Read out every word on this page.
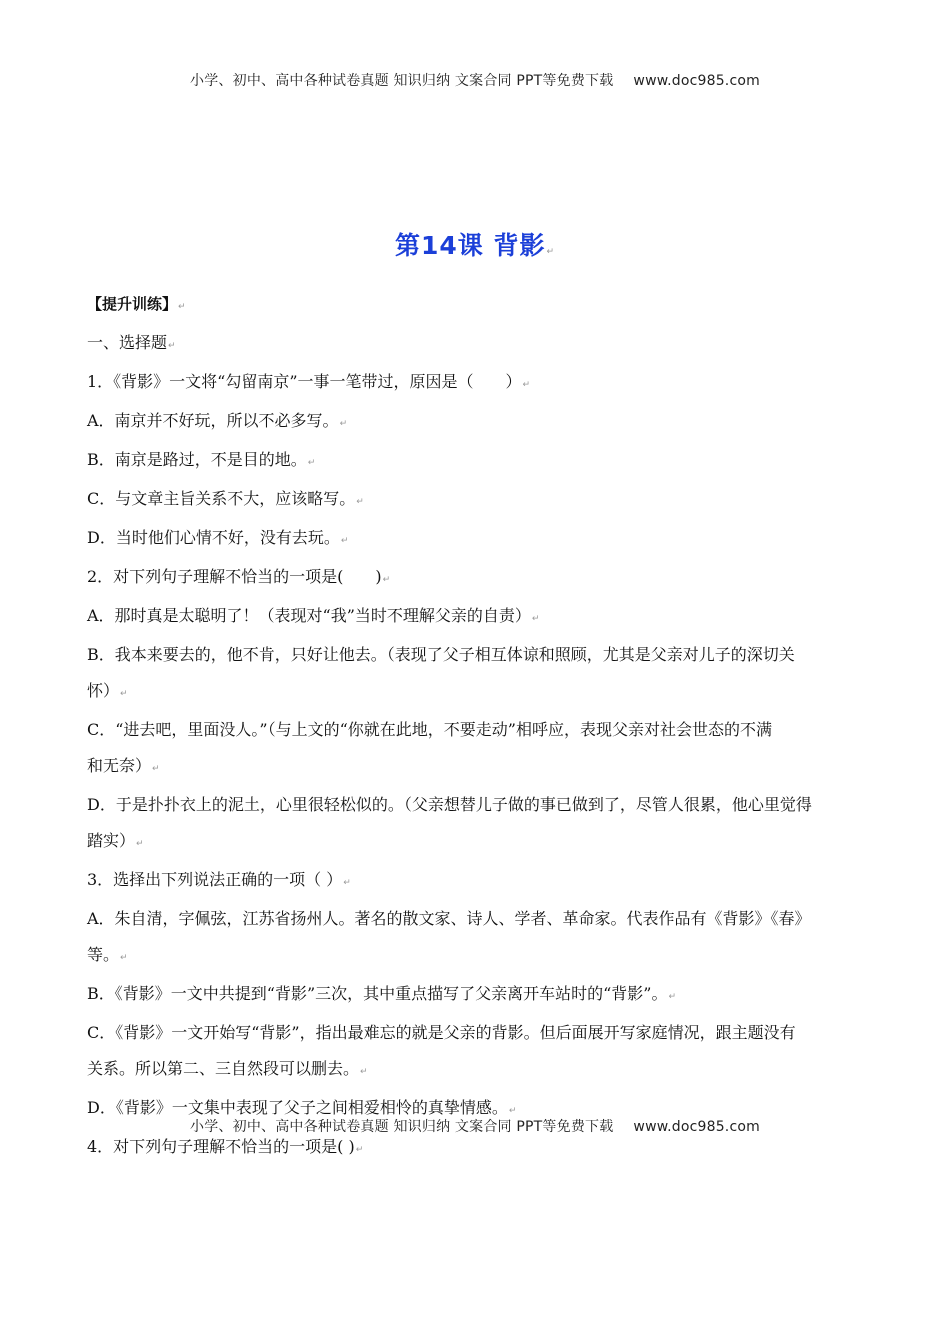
小学、初中、高中各种试卷真题 知识归纳 文案合同 PPT等免费下载 www.doc985.com
第14课 背影↵

【提升训练】↵

一、选择题↵

1．《背影》一文将“勾留南京”一事一笔带过，原因是（　　）↵

A．南京并不好玩，所以不必多写。↵

B．南京是路过，不是目的地。↵

C．与文章主旨关系不大，应该略写。↵

D．当时他们心情不好，没有去玩。↵

2．对下列句子理解不恰当的一项是(　　)↵

A．那时真是太聪明了！（表现对“我”当时不理解父亲的自责）↵

B．我本来要去的，他不肯，只好让他去。（表现了父子相互体谅和照顾，尤其是父亲对儿子的深切关

怀）↵

C．“进去吧，里面没人。”（与上文的“你就在此地，不要走动”相呼应，表现父亲对社会世态的不满

和无奈）↵

D．于是扑扑衣上的泥土，心里很轻松似的。（父亲想替儿子做的事已做到了，尽管人很累，他心里觉得

踏实）↵

3．选择出下列说法正确的一项（ ）↵

A．朱自清，字佩弦，江苏省扬州人。著名的散文家、诗人、学者、革命家。代表作品有《背影》《春》

等。↵

B．《背影》一文中共提到“背影”三次，其中重点描写了父亲离开车站时的“背影”。↵

C．《背影》一文开始写“背影”，指出最难忘的就是父亲的背影。但后面展开写家庭情况，跟主题没有

关系。所以第二、三自然段可以删去。↵

D．《背影》一文集中表现了父子之间相爱相怜的真挚情感。↵

4．对下列句子理解不恰当的一项是( )↵

小学、初中、高中各种试卷真题 知识归纳 文案合同 PPT等免费下载 www.doc985.com
